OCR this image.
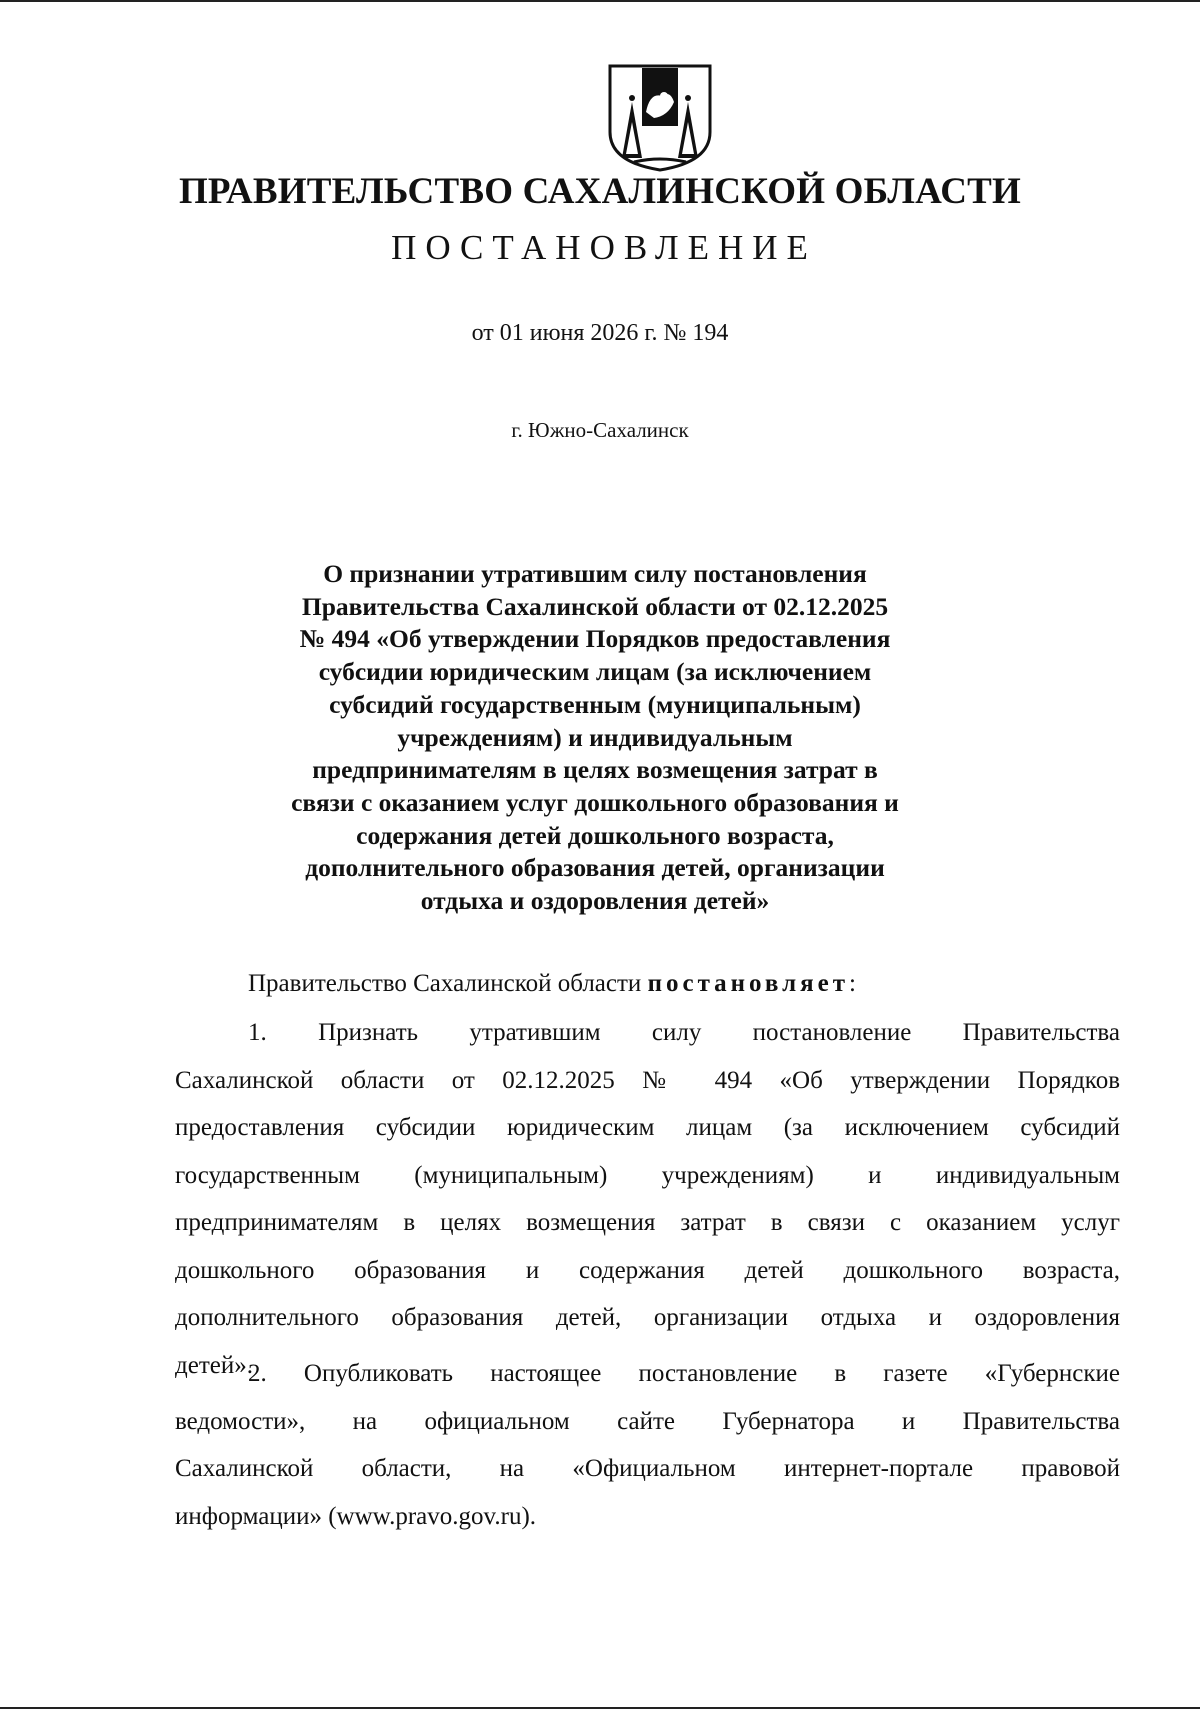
ПРАВИТЕЛЬСТВО САХАЛИНСКОЙ ОБЛАСТИ
ПОСТАНОВЛЕНИЕ
от 01 июня 2026 г. № 194
г. Южно-Сахалинск
О признании утратившим силу постановления
Правительства Сахалинской области от 02.12.2025
№ 494 «Об утверждении Порядков предоставления
субсидии юридическим лицам (за исключением
субсидий государственным (муниципальным)
учреждениям) и индивидуальным
предпринимателям в целях возмещения затрат в
связи с оказанием услуг дошкольного образования и
содержания детей дошкольного возраста,
дополнительного образования детей, организации
отдыха и оздоровления детей»
Правительство Сахалинской области постановляет:
1. Признать утратившим силу постановление Правительства
Сахалинской области от 02.12.2025 № 494 «Об утверждении Порядков
предоставления субсидии юридическим лицам (за исключением субсидий
государственным (муниципальным) учреждениям) и индивидуальным
предпринимателям в целях возмещения затрат в связи с оказанием услуг
дошкольного образования и содержания детей дошкольного возраста,
дополнительного образования детей, организации отдыха и оздоровления
детей».
2. Опубликовать настоящее постановление в газете «Губернские
ведомости», на официальном сайте Губернатора и Правительства
Сахалинской области, на «Официальном интернет-портале правовой
информации» (www.pravo.gov.ru).
